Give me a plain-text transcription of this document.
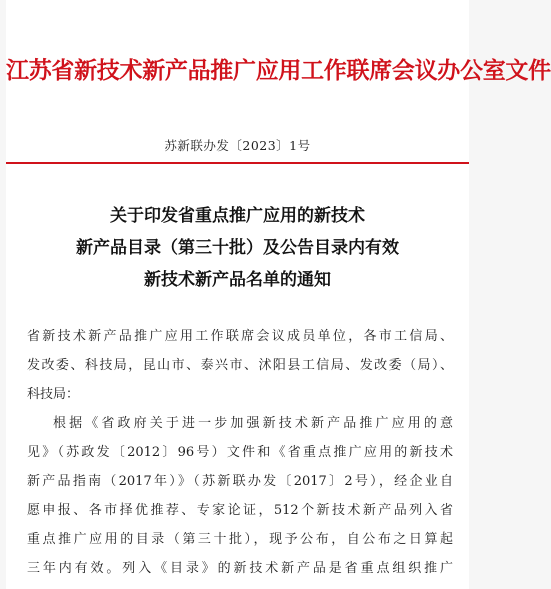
江苏省新技术新产品推广应用工作联席会议办公室文件
苏新联办发〔2023〕1号
关于印发省重点推广应用的新技术
新产品目录（第三十批）及公告目录内有效
新技术新产品名单的通知

省新技术新产品推广应用工作联席会议成员单位，各市工信局、
发改委、科技局，昆山市、泰兴市、沭阳县工信局、发改委（局）、
科技局：

根据《省政府关于进一步加强新技术新产品推广应用的意
见》（苏政发〔2012〕96号）文件和《省重点推广应用的新技术
新产品指南（2017年）》（苏新联办发〔2017〕2号），经企业自
愿申报、各市择优推荐、专家论证，512个新技术新产品列入省
重点推广应用的目录（第三十批），现予公布，自公布之日算起
三年内有效。列入《目录》的新技术新产品是省重点组织推广
